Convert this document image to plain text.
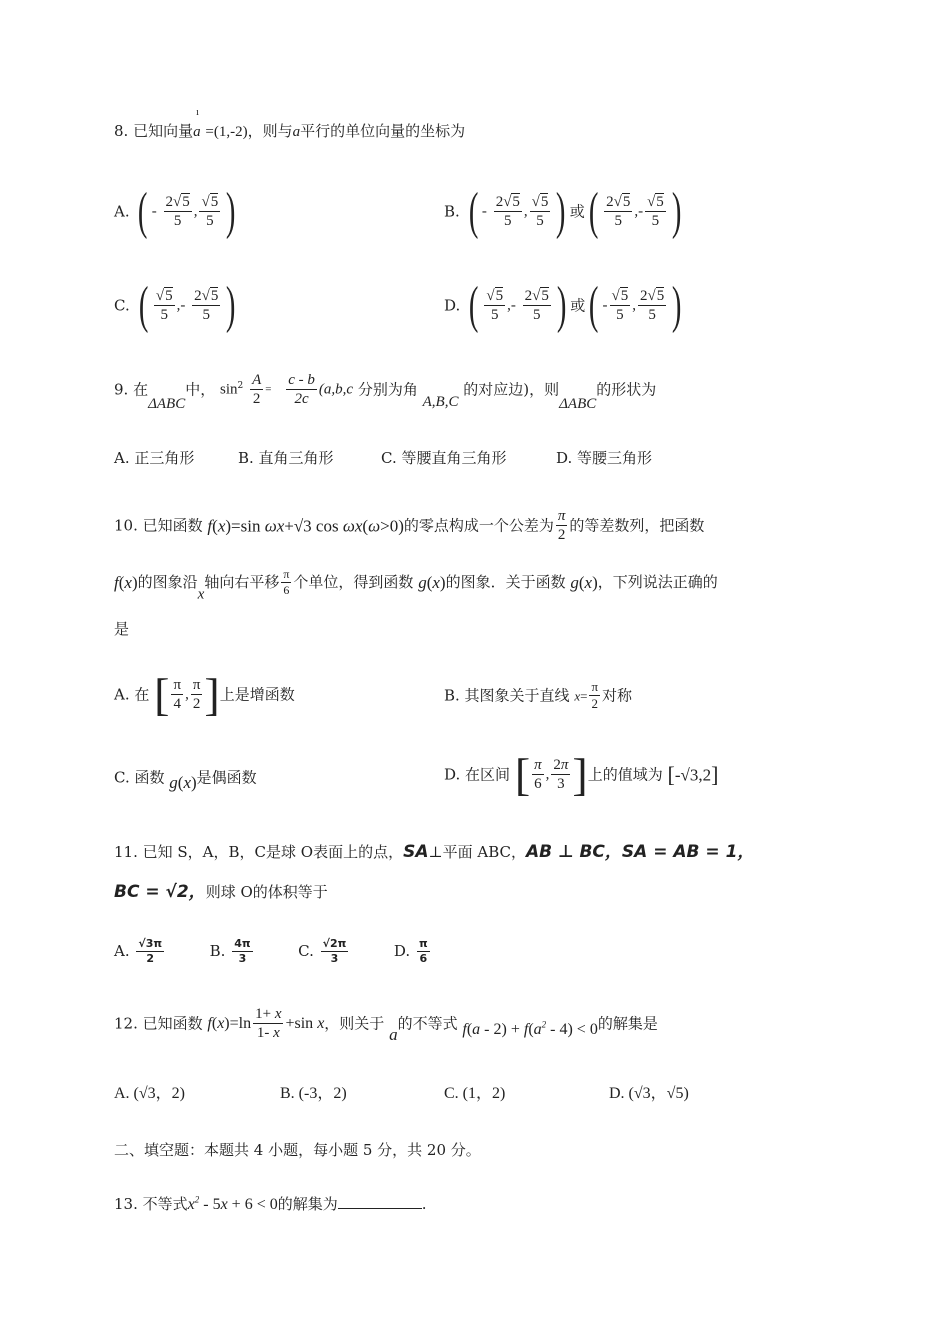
8. 已知向量
ı
a =(1,-2)，则与a平行的单位向量的坐标为
A. ( - $\frac{2√5}{5}$ , $\frac{√5}{5}$ )	B. ( - $\frac{2√5}{5}$ , $\frac{√5}{5}$ ) 或( $\frac{2√5}{5}$ ,- $\frac{√5}{5}$ )
C. ( $\frac{√5}{5}$ ,- $\frac{2√5}{5}$ )	D. ( $\frac{√5}{5}$ ,- $\frac{2√5}{5}$ ) 或( - $\frac{√5}{5}$ , $\frac{2√5}{5}$ )
9. 在ΔABC中， $\sin^2 \frac{A}{2} = \frac{c - b}{2c} (a,b,c$ 分别为角 A,B,C 的对应边)，则ΔABC的形状为
A. 正三角形	B. 直角三角形	C. 等腰直角三角形	D. 等腰三角形
10. 已知函数 f(x)=sin ωx+√3 cos ωx(ω>0)的零点构成一个公差为 $\frac{\pi}{2}$ 的等差数列，把函数
f(x)的图象沿x轴向右平移 $\frac{\pi}{6}$ 个单位，得到函数 g(x)的图象．关于函数 g(x)，下列说法正确的
是
A. 在 [ $\frac{\pi}{4}$ , $\frac{\pi}{2}$ ]上是增函数	B. 其图象关于直线 $x= \frac{\pi}{2}$ 对称
C. 函数 g(x)是偶函数	D. 在区间 [ $\frac{\pi}{6}$ , $\frac{2\pi}{3}$ ]上的值域为 [-√3,2]
11. 已知 S，A，B，C是球 O表面上的点，SA⊥平面 ABC，AB ⊥ BC，SA = AB = 1，
BC = √2，则球 O的体积等于
A. $\frac{√3\pi}{2}$	B. $\frac{4\pi}{3}$	C. $\frac{√2\pi}{3}$	D. $\frac{\pi}{6}$
12. 已知函数 $f(x)=\ln \frac{1+ x}{1- x} +\sin$ x，则关于 a的不等式 $f(a - 2) + f(a^2 - 4) < 0$的解集是
A. (√3，2)	B. (-3，2)	C. (1，2)	D. (√3，√5)
二、填空题：本题共 4 小题，每小题 5 分，共 20 分。
13. 不等式$x^2 - 5x + 6 < 0$的解集为	.
